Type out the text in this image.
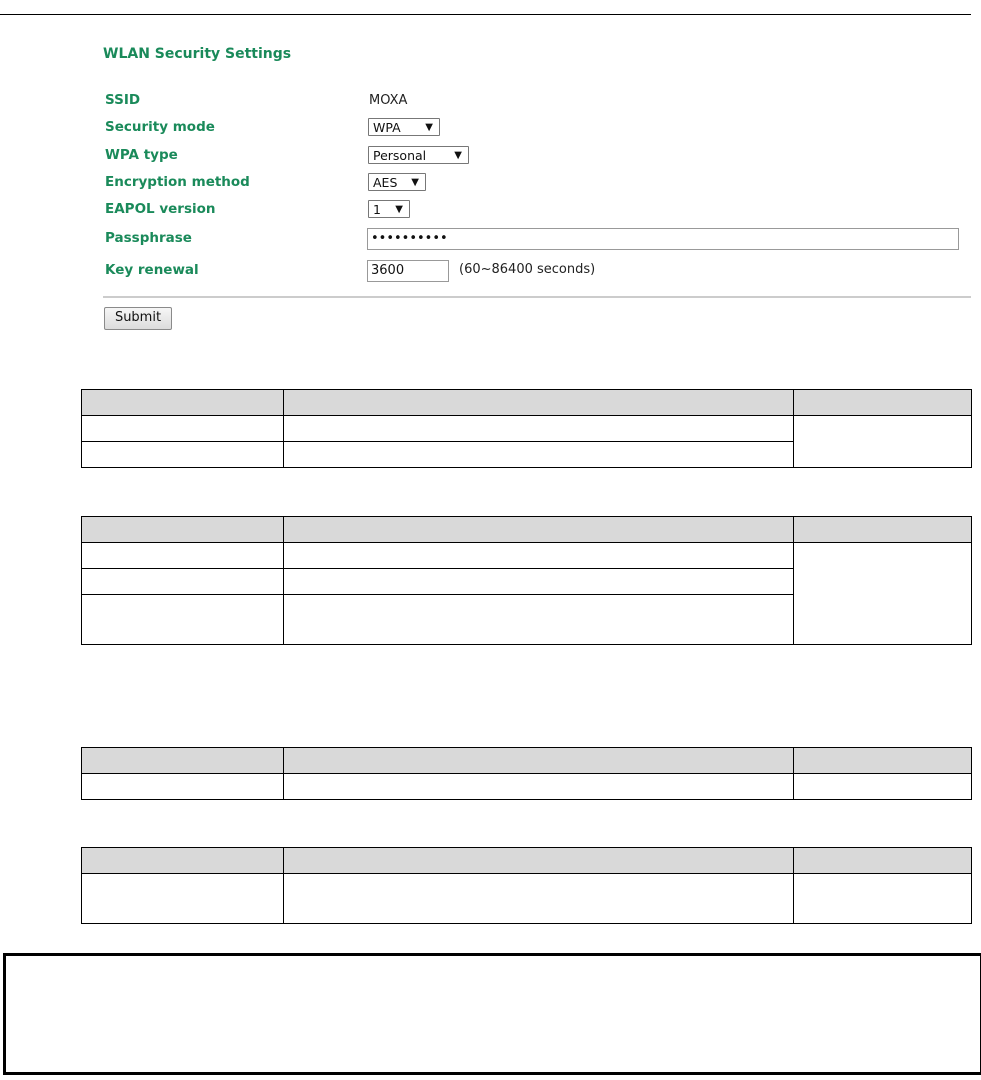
WLAN Security Settings
SSID	MOXA
Security mode	WPA ▼
WPA type	Personal	▼
Encryption method	AES ▼
EAPOL version	1 ▼
Passphrase	••••••••••
Key renewal	3600	(60~86400 seconds)
Submit
